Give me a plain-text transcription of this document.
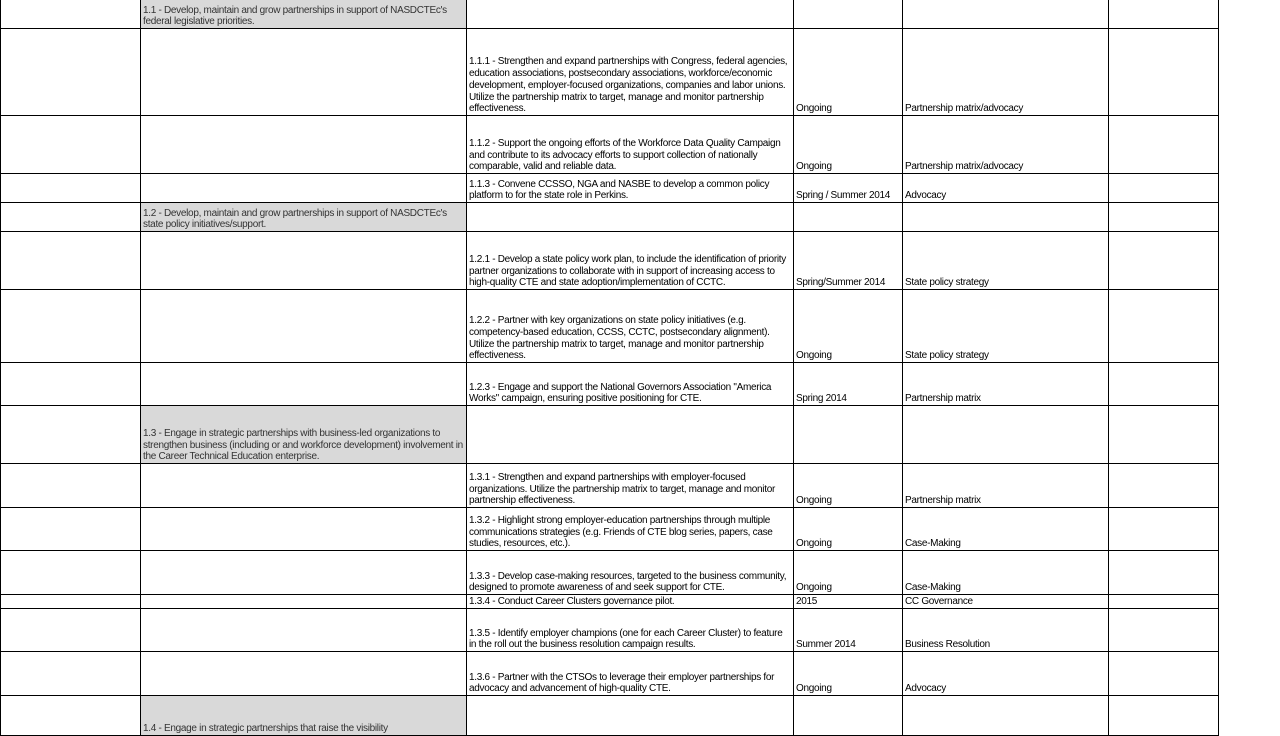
	1.1 - Develop, maintain and grow partnerships in support of NASDCTEc's federal legislative priorities.				
		1.1.1 - Strengthen and expand partnerships with Congress, federal agencies, education associations, postsecondary associations, workforce/economic development, employer-focused organizations, companies and labor unions. Utilize the partnership matrix to target, manage and monitor partnership effectiveness.	Ongoing	Partnership matrix/advocacy	
		1.1.2 - Support the ongoing efforts of the Workforce Data Quality Campaign and contribute to its advocacy efforts to support collection of nationally comparable, valid and reliable data.	Ongoing	Partnership matrix/advocacy	
		1.1.3 - Convene CCSSO, NGA and NASBE to develop a common policy platform to for the state role in Perkins.	Spring / Summer 2014	Advocacy	
	1.2 - Develop, maintain and grow partnerships in support of NASDCTEc's state policy initiatives/support.				
		1.2.1 - Develop a state policy work plan, to include the identification of priority partner organizations to collaborate with in support of increasing access to high-quality CTE and state adoption/implementation of CCTC.	Spring/Summer 2014	State policy strategy	
		1.2.2 - Partner with key organizations on state policy initiatives (e.g. competency-based education, CCSS, CCTC, postsecondary alignment). Utilize the partnership matrix to target, manage and monitor partnership effectiveness.	Ongoing	State policy strategy	
		1.2.3 - Engage and support the National Governors Association "America Works" campaign, ensuring positive positioning for CTE.	Spring 2014	Partnership matrix	
	1.3 - Engage in strategic partnerships with business-led organizations to strengthen business (including or and workforce development) involvement in the Career Technical Education enterprise.				
		1.3.1 - Strengthen and expand partnerships with employer-focused organizations. Utilize the partnership matrix to target, manage and monitor partnership effectiveness.	Ongoing	Partnership matrix	
		1.3.2 - Highlight strong employer-education partnerships through multiple communications strategies (e.g. Friends of CTE blog series, papers, case studies, resources, etc.).	Ongoing	Case-Making	
		1.3.3 - Develop case-making resources, targeted to the business community, designed to promote awareness of and seek support for CTE.	Ongoing	Case-Making	
		1.3.4 - Conduct Career Clusters governance pilot.	2015	CC Governance	
		1.3.5 - Identify employer champions (one for each Career Cluster) to feature in the roll out the business resolution campaign results.	Summer 2014	Business Resolution	
		1.3.6 - Partner with the CTSOs to leverage their employer partnerships for advocacy and advancement of high-quality CTE.	Ongoing	Advocacy	
	1.4 - Engage in strategic partnerships that raise the visibility				
